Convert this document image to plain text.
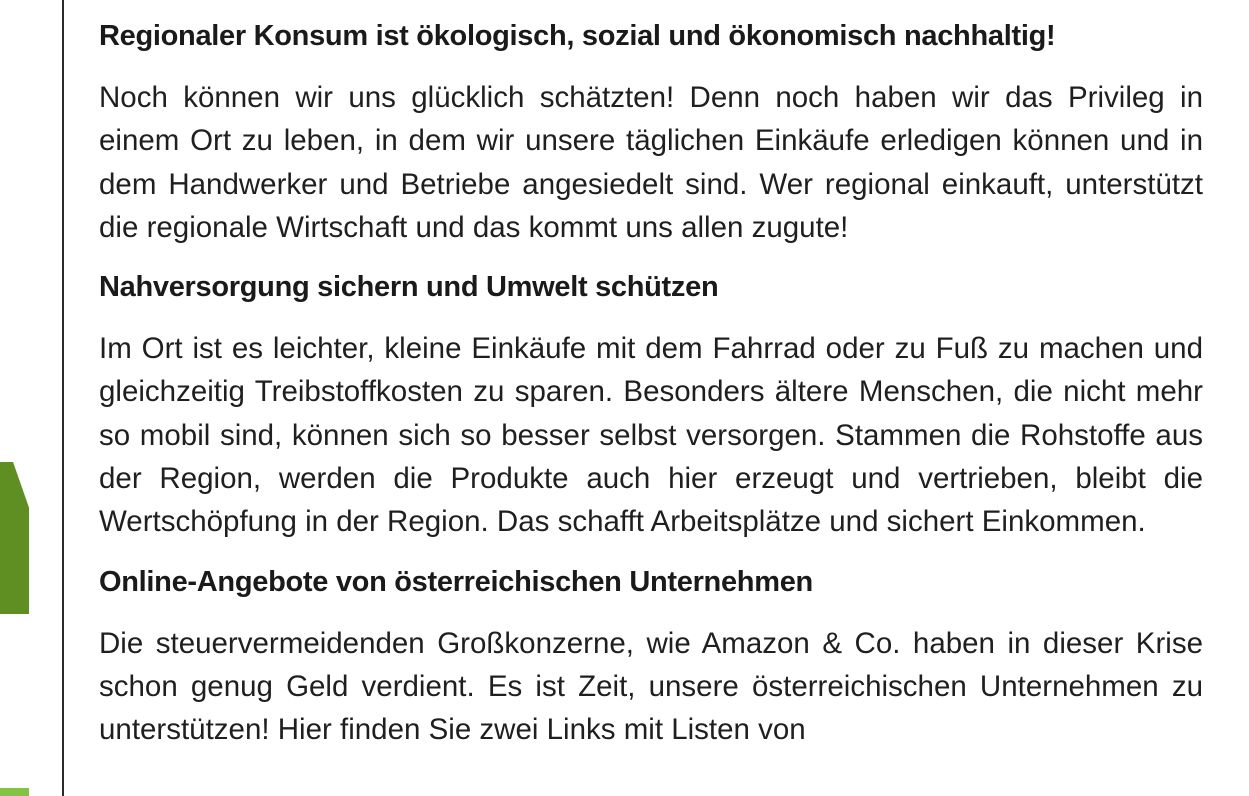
Regionaler Konsum ist ökologisch, sozial und ökonomisch nachhaltig!

Noch können wir uns glücklich schätzten! Denn noch haben wir das Privileg in einem Ort zu leben, in dem wir unsere täglichen Einkäufe erledigen können und in dem Handwerker und Betriebe angesiedelt sind. Wer regional einkauft, unterstützt die regionale Wirtschaft und das kommt uns allen zugute!

Nahversorgung sichern und Umwelt schützen

Im Ort ist es leichter, kleine Einkäufe mit dem Fahrrad oder zu Fuß zu machen und gleichzeitig Treibstoffkosten zu sparen. Besonders ältere Menschen, die nicht mehr so mobil sind, können sich so besser selbst versorgen. Stammen die Rohstoffe aus der Region, werden die Produkte auch hier erzeugt und vertrieben, bleibt die Wertschöpfung in der Region. Das schafft Arbeitsplätze und sichert Einkommen.

Online-Angebote von österreichischen Unternehmen

Die steuervermeidenden Großkonzerne, wie Amazon & Co. haben in dieser Krise schon genug Geld verdient. Es ist Zeit, unsere österreichischen Unternehmen zu unterstützen! Hier finden Sie zwei Links mit Listen von
